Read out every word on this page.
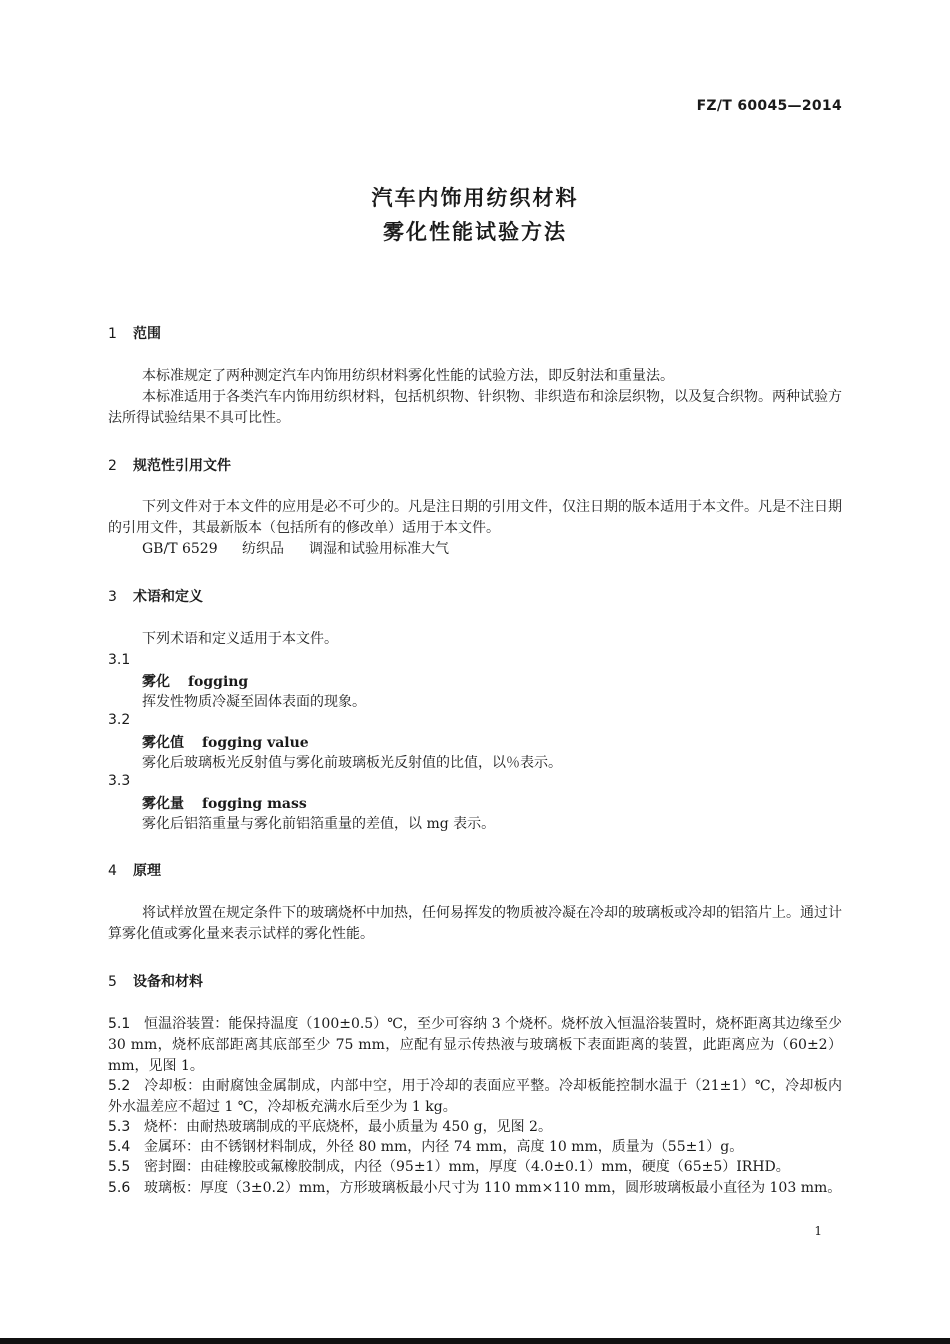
FZ/T 60045—2014
汽车内饰用纺织材料
雾化性能试验方法
1 范围
本标准规定了两种测定汽车内饰用纺织材料雾化性能的试验方法，即反射法和重量法。
本标准适用于各类汽车内饰用纺织材料，包括机织物、针织物、非织造布和涂层织物，以及复合织物。两种试验方法所得试验结果不具可比性。
2 规范性引用文件
下列文件对于本文件的应用是必不可少的。凡是注日期的引用文件，仅注日期的版本适用于本文件。凡是不注日期的引用文件，其最新版本（包括所有的修改单）适用于本文件。
GB/T 6529 纺织品 调湿和试验用标准大气
3 术语和定义
下列术语和定义适用于本文件。
3.1
雾化 fogging
挥发性物质冷凝至固体表面的现象。
3.2
雾化值 fogging value
雾化后玻璃板光反射值与雾化前玻璃板光反射值的比值，以％表示。
3.3
雾化量 fogging mass
雾化后铝箔重量与雾化前铝箔重量的差值，以 mg 表示。
4 原理
将试样放置在规定条件下的玻璃烧杯中加热，任何易挥发的物质被冷凝在冷却的玻璃板或冷却的铝箔片上。通过计算雾化值或雾化量来表示试样的雾化性能。
5 设备和材料
5.1 恒温浴装置：能保持温度（100±0.5）℃，至少可容纳 3 个烧杯。烧杯放入恒温浴装置时，烧杯距离其边缘至少 30 mm，烧杯底部距离其底部至少 75 mm，应配有显示传热液与玻璃板下表面距离的装置，此距离应为（60±2）mm，见图 1。
5.2 冷却板：由耐腐蚀金属制成，内部中空，用于冷却的表面应平整。冷却板能控制水温于（21±1）℃，冷却板内外水温差应不超过 1 ℃，冷却板充满水后至少为 1 kg。
5.3 烧杯：由耐热玻璃制成的平底烧杯，最小质量为 450 g，见图 2。
5.4 金属环：由不锈钢材料制成，外径 80 mm，内径 74 mm，高度 10 mm，质量为（55±1）g。
5.5 密封圈：由硅橡胶或氟橡胶制成，内径（95±1）mm，厚度（4.0±0.1）mm，硬度（65±5）IRHD。
5.6 玻璃板：厚度（3±0.2）mm，方形玻璃板最小尺寸为 110 mm×110 mm，圆形玻璃板最小直径为 103 mm。
1
